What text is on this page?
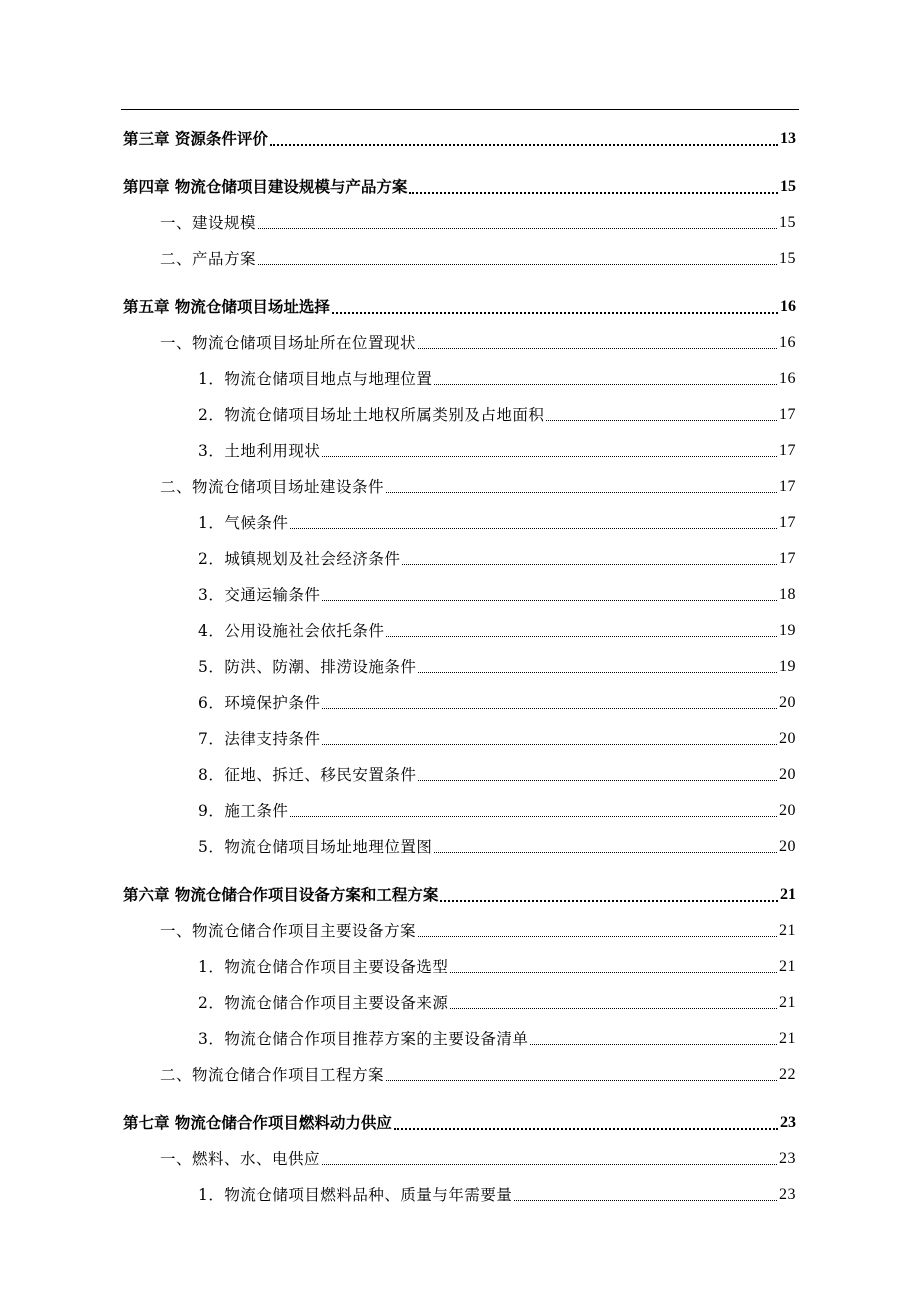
第三章 资源条件评价	13
第四章 物流仓储项目建设规模与产品方案	15
一、建设规模	15
二、产品方案	15
第五章 物流仓储项目场址选择	16
一、物流仓储项目场址所在位置现状	16
1．物流仓储项目地点与地理位置	16
2．物流仓储项目场址土地权所属类别及占地面积	17
3．土地利用现状	17
二、物流仓储项目场址建设条件	17
1．气候条件	17
2．城镇规划及社会经济条件	17
3．交通运输条件	18
4．公用设施社会依托条件	19
5．防洪、防潮、排涝设施条件	19
6．环境保护条件	20
7．法律支持条件	20
8．征地、拆迁、移民安置条件	20
9．施工条件	20
5．物流仓储项目场址地理位置图	20
第六章 物流仓储合作项目设备方案和工程方案	21
一、物流仓储合作项目主要设备方案	21
1．物流仓储合作项目主要设备选型	21
2．物流仓储合作项目主要设备来源	21
3．物流仓储合作项目推荐方案的主要设备清单	21
二、物流仓储合作项目工程方案	22
第七章 物流仓储合作项目燃料动力供应	23
一、燃料、水、电供应	23
1．物流仓储项目燃料品种、质量与年需要量	23
